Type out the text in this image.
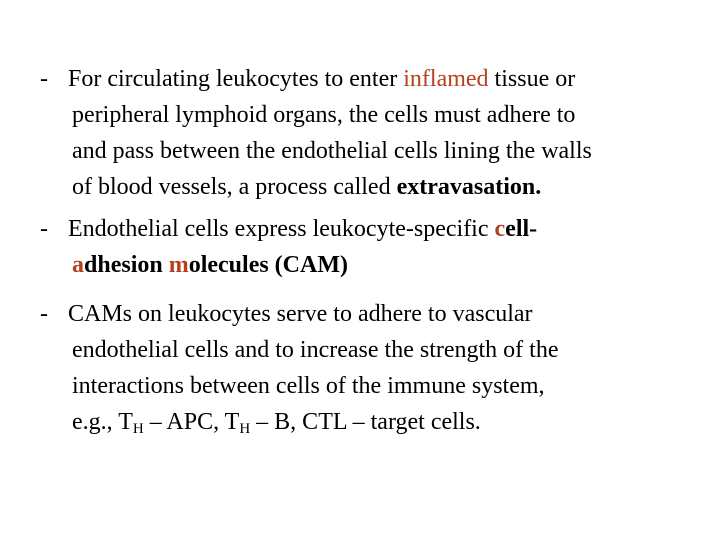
- For circulating leukocytes to enter inflamed tissue or
peripheral lymphoid organs, the cells must adhere to
and pass between the endothelial cells lining the walls
of blood vessels, a process called extravasation.
- Endothelial cells express leukocyte-specific cell-
adhesion molecules (CAM)
- CAMs on leukocytes serve to adhere to vascular
endothelial cells and to increase the strength of the
interactions between cells of the immune system,
e.g., $T_H$ – APC, $T_H$ – B, CTL – target cells.
